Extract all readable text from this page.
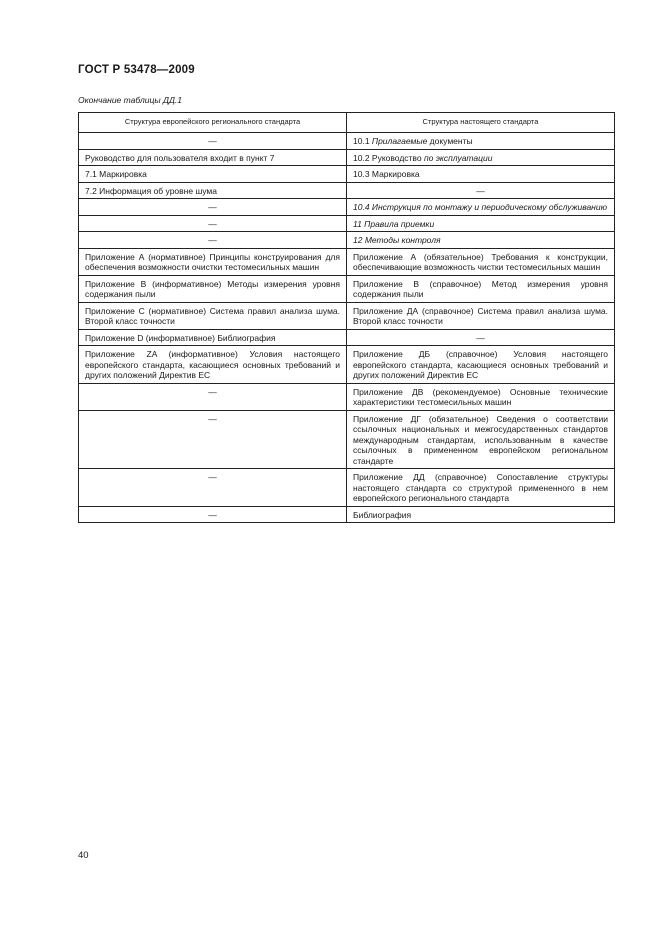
ГОСТ Р 53478—2009
Окончание таблицы ДД.1
Структура европейского регионального стандарта	Структура настоящего стандарта
—	10.1 Прилагаемые документы
Руководство для пользователя входит в пункт 7	10.2 Руководство по эксплуатации
7.1 Маркировка	10.3 Маркировка
7.2 Информация об уровне шума	—
—	10.4 Инструкция по монтажу и периодическому обслуживанию
—	11 Правила приемки
—	12 Методы контроля
Приложение А (нормативное) Принципы конструирования для обеспечения возможности очистки тестомесильных машин	Приложение А (обязательное) Требования к конструкции, обеспечивающие возможность чистки тестомесильных машин
Приложение В (информативное) Методы измерения уровня содержания пыли	Приложение В (справочное) Метод измерения уровня содержания пыли
Приложение С (нормативное) Система правил анализа шума. Второй класс точности	Приложение ДА (справочное) Система правил анализа шума. Второй класс точности
Приложение D (информативное) Библиография	—
Приложение ZA (информативное) Условия настоящего европейского стандарта, касающиеся основных требований и других положений Директив ЕС	Приложение ДБ (справочное) Условия настоящего европейского стандарта, касающиеся основных требований и других положений Директив ЕС
—	Приложение ДВ (рекомендуемое) Основные технические характеристики тестомесильных машин
—	Приложение ДГ (обязательное) Сведения о соответствии ссылочных национальных и межгосударственных стандартов международным стандартам, использованным в качестве ссылочных в примененном европейском региональном стандарте
—	Приложение ДД (справочное) Сопоставление структуры настоящего стандарта со структурой примененного в нем европейского регионального стандарта
—	Библиография
40
